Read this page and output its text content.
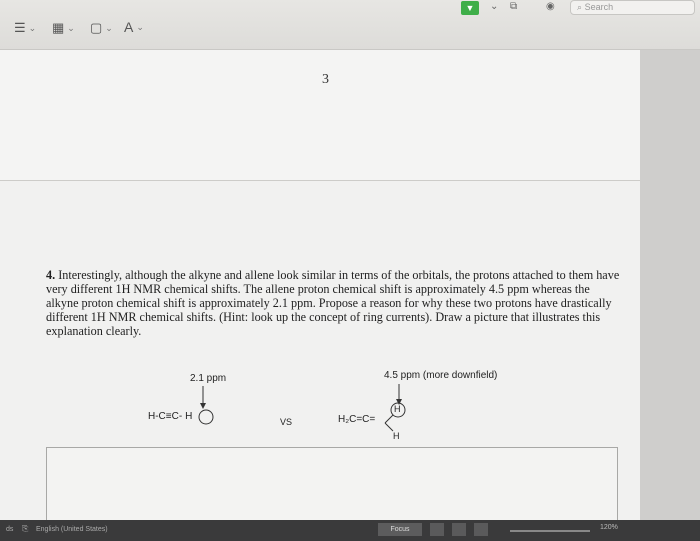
☰ ⌄ ▦ ⌄ ▢ ⌄ A ⌄
▼	⌄ ⧉	◉	⌕ Search
3
4. Interestingly, although the alkyne and allene look similar in terms of the orbitals, the protons attached to them have very different 1H NMR chemical shifts. The allene proton chemical shift is approximately 4.5 ppm whereas the alkyne proton chemical shift is approximately 2.1 ppm. Propose a reason for why these two protons have drastically different 1H NMR chemical shifts. (Hint: look up the concept of ring currents). Draw a picture that illustrates this explanation clearly.
2.1 ppm	4.5 ppm (more downfield)
H-C≡C- H	VS	H₂C=C=
H
H
ds ⎘ English (United States)	Focus	120%
